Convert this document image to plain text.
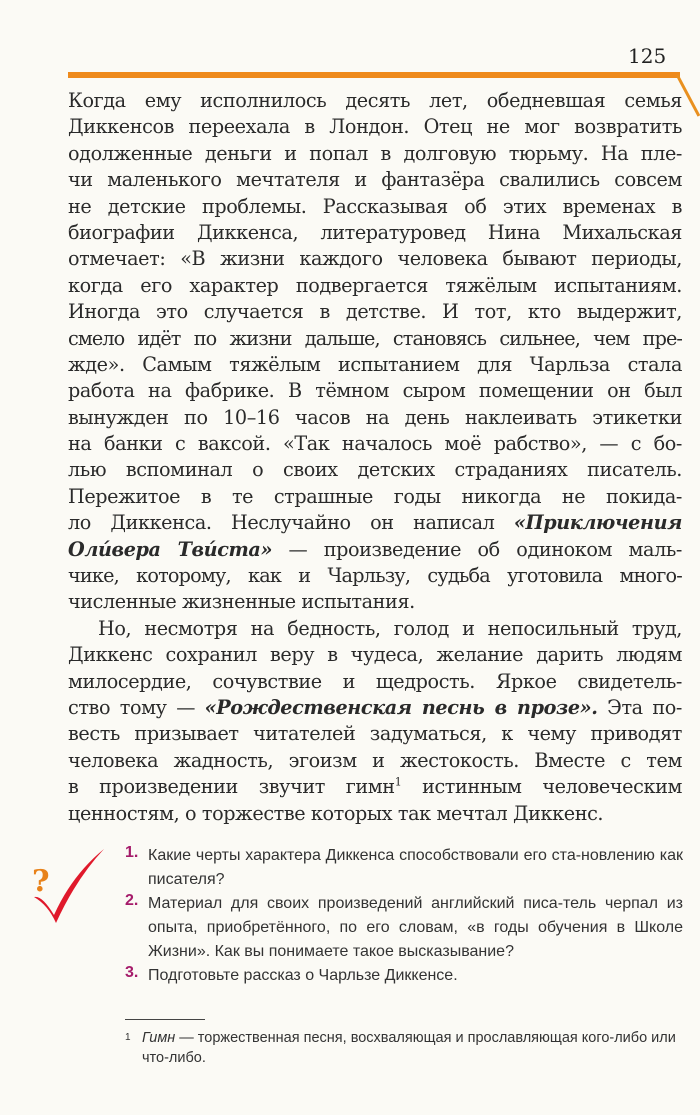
125
Когда ему исполнилось десять лет, обедневшая семья
Диккенсов переехала в Лондон. Отец не мог возвратить
одолженные деньги и попал в долговую тюрьму. На пле-
чи маленького мечтателя и фантазёра свалились совсем
не детские проблемы. Рассказывая об этих временах в
биографии Диккенса, литературовед Нина Михальская
отмечает: «В жизни каждого человека бывают периоды,
когда его характер подвергается тяжёлым испытаниям.
Иногда это случается в детстве. И тот, кто выдержит,
смело идёт по жизни дальше, становясь сильнее, чем пре-
жде». Самым тяжёлым испытанием для Чарльза стала
работа на фабрике. В тёмном сыром помещении он был
вынужден по 10–16 часов на день наклеивать этикетки
на банки с ваксой. «Так началось моё рабство», — с бо-
лью вспоминал о своих детских страданиях писатель.
Пережитое в те страшные годы никогда не покида-
ло Диккенса. Неслучайно он написал «Приключения
Оли́вера Тви́ста» — произведение об одиноком маль-
чике, которому, как и Чарльзу, судьба уготовила много-
численные жизненные испытания.
Но, несмотря на бедность, голод и непосильный труд,
Диккенс сохранил веру в чудеса, желание дарить людям
милосердие, сочувствие и щедрость. Яркое свидетель-
ство тому — «Рождественская песнь в прозе». Эта по-
весть призывает читателей задуматься, к чему приводят
человека жадность, эгоизм и жестокость. Вместе с тем
в произведении звучит гимн$^1$ истинным человеческим
ценностям, о торжестве которых так мечтал Диккенс.
?
1. Какие черты характера Диккенса способствовали его ста-новлению как писателя?
2. Материал для своих произведений английский писа-тель черпал из опыта, приобретённого, по его словам, «в годы обучения в Школе Жизни». Как вы понимаете такое высказывание?
3. Подготовьте рассказ о Чарльзе Диккенсе.
$^1$ Гимн — торжественная песня, восхваляющая и прославляющая кого-либо или что-либо.
